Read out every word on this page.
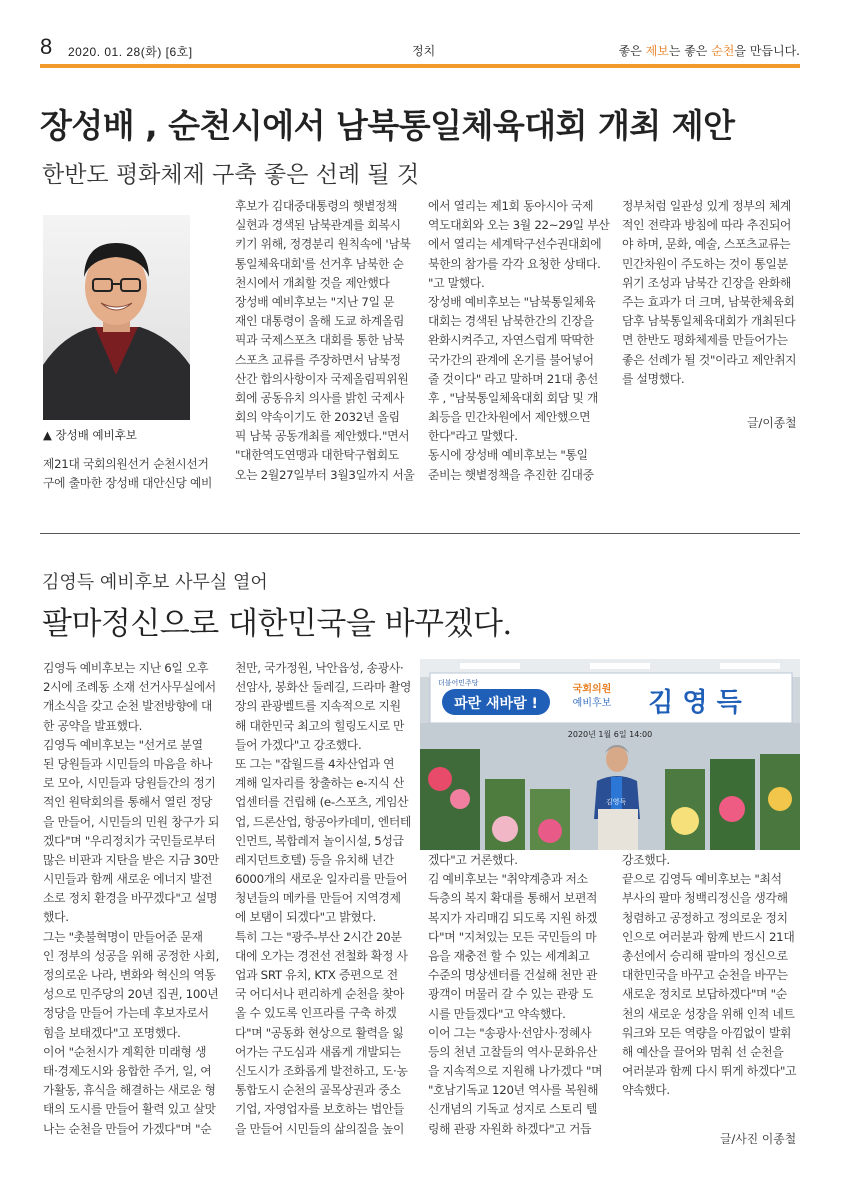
8 2020. 01. 28(화) [6호]	정치	좋은 제보는 좋은 순천을 만듭니다.
장성배 , 순천시에서 남북통일체육대회 개최 제안
한반도 평화체제 구축 좋은 선례 될 것
▲ 장성배 예비후보
제21대 국회의원선거 순천시선거
구에 출마한 장성배 대안신당 예비
후보가 김대중대통령의 햇볕정책
실현과 경색된 남북관계를 회복시
키기 위해, 정경분리 원칙속에 '남북
통일체육대회'를 선거후 남북한 순
천시에서 개최할 것을 제안했다
장성배 예비후보는 "지난 7일 문
재인 대통령이 올해 도쿄 하계올림
픽과 국제스포츠 대회를 통한 남북
스포츠 교류를 주장하면서 남북정
산간 합의사항이자 국제올림픽위원
회에 공동유치 의사를 밝힌 국제사
회의 약속이기도 한 2032년 올림
픽 남북 공동개최를 제안했다."면서
"대한역도연맹과 대한탁구협회도
오는 2월27일부터 3월3일까지 서울
에서 열리는 제1회 동아시아 국제
역도대회와 오는 3월 22~29일 부산
에서 열리는 세계탁구선수권대회에
북한의 참가를 각각 요청한 상태다.
"고 말했다.
장성배 예비후보는 "남북통일체육
대회는 경색된 남북한간의 긴장을
완화시켜주고, 자연스럽게 딱딱한
국가간의 관계에 온기를 불어넣어
줄 것이다" 라고 말하며 21대 총선
후 , "남북통일체육대회 회담 및 개
최등을 민간차원에서 제안했으면
한다"라고 말했다.
동시에 장성배 예비후보는 "통일
준비는 햇볕정책을 추진한 김대중
정부처럼 일관성 있게 정부의 체계
적인 전략과 방침에 따라 추진되어
야 하며, 문화, 예술, 스포츠교류는
민간차원이 주도하는 것이 통일분
위기 조성과 남북간 긴장을 완화해
주는 효과가 더 크며, 남북한체육회
담후 남북통일체육대회가 개최된다
면 한반도 평화체제를 만들어가는
좋은 선례가 될 것"이라고 제안취지
를 설명했다.
글/이종철
김영득 예비후보 사무실 열어
팔마정신으로 대한민국을 바꾸겠다.
김영득 예비후보는 지난 6일 오후
2시에 조례동 소재 선거사무실에서
개소식을 갖고 순천 발전방향에 대
한 공약을 발표했다.
김영득 예비후보는 "선거로 분열
된 당원들과 시민들의 마음을 하나
로 모아, 시민들과 당원들간의 정기
적인 원탁회의를 통해서 열린 정당
을 만들어, 시민들의 민원 창구가 되
겠다"며 "우리정치가 국민들로부터
많은 비판과 지탄을 받은 지금 30만
시민들과 함께 새로운 에너지 발전
소로 정치 환경을 바꾸겠다"고 설명
했다.
그는 "촛불혁명이 만들어준 문재
인 정부의 성공을 위해 공정한 사회,
정의로운 나라, 변화와 혁신의 역동
성으로 민주당의 20년 집권, 100년
정당을 만들어 가는데 후보자로서
힘을 보태겠다"고 포명했다.
이어 "순천시가 계획한 미래형 생
태·경제도시와 융합한 주거, 일, 여
가활동, 휴식을 해결하는 새로운 형
태의 도시를 만들어 활력 있고 살맛
나는 순천을 만들어 가겠다"며 "순
천만, 국가정원, 낙안읍성, 송광사·
선암사, 봉화산 둘레길, 드라마 촬영
장의 관광벨트를 지속적으로 지원
해 대한민국 최고의 힐링도시로 만
들어 가겠다"고 강조했다.
또 그는 "잡월드를 4차산업과 연
계해 일자리를 창출하는 e-지식 산
업센터를 건립해 (e-스포츠, 게임산
업, 드론산업, 항공아카데미, 엔터테
인먼트, 복합레저 놀이시설, 5성급
레지던트호텔) 등을 유치해 년간
6000개의 새로운 일자리를 만들어
청년들의 메카를 만들어 지역경제
에 보탬이 되겠다"고 밝혔다.
특히 그는 "광주-부산 2시간 20분
대에 오가는 경전선 전철화 확정 사
업과 SRT 유치, KTX 증편으로 전
국 어디서나 편리하게 순천을 찾아
올 수 있도록 인프라를 구축 하겠
다"며 "공동화 현상으로 활력을 잃
어가는 구도심과 새롭게 개발되는
신도시가 조화롭게 발전하고, 도·농
통합도시 순천의 골목상권과 중소
기업, 자영업자를 보호하는 법안들
을 만들어 시민들의 삶의질을 높이
더불어민주당
파란 새바람 !
국회의원
예비후보 김 영 득
2020년 1월 6일 14:00
김영득
겠다"고 거론했다.
김 예비후보는 "취약계층과 저소
득층의 복지 확대를 통해서 보편적
복지가 자리매김 되도록 지원 하겠
다"며 "지쳐있는 모든 국민들의 마
음을 재충전 할 수 있는 세계최고
수준의 명상센터를 건설해 천만 관
광객이 머물러 갈 수 있는 관광 도
시를 만들겠다"고 약속했다.
이어 그는 "송광사·선암사·정혜사
등의 천년 고찰들의 역사·문화유산
을 지속적으로 지원해 나가겠다 "며
"호남기독교 120년 역사를 복원해
신개념의 기독교 성지로 스토리 텔
링해 관광 자원화 하겠다"고 거듭
강조했다.
끝으로 김영득 예비후보는 "최석
부사의 팔마 청백리정신을 생각해
청렴하고 공정하고 정의로운 정치
인으로 여러분과 함께 반드시 21대
총선에서 승리해 팔마의 정신으로
대한민국을 바꾸고 순천을 바꾸는
새로운 정치로 보답하겠다"며 "순
천의 새로운 성장을 위해 인적 네트
워크와 모든 역량을 아낌없이 발휘
해 예산을 끌어와 멈춰 선 순천을
여러분과 함께 다시 뛰게 하겠다"고
약속했다.
글/사진 이종철
